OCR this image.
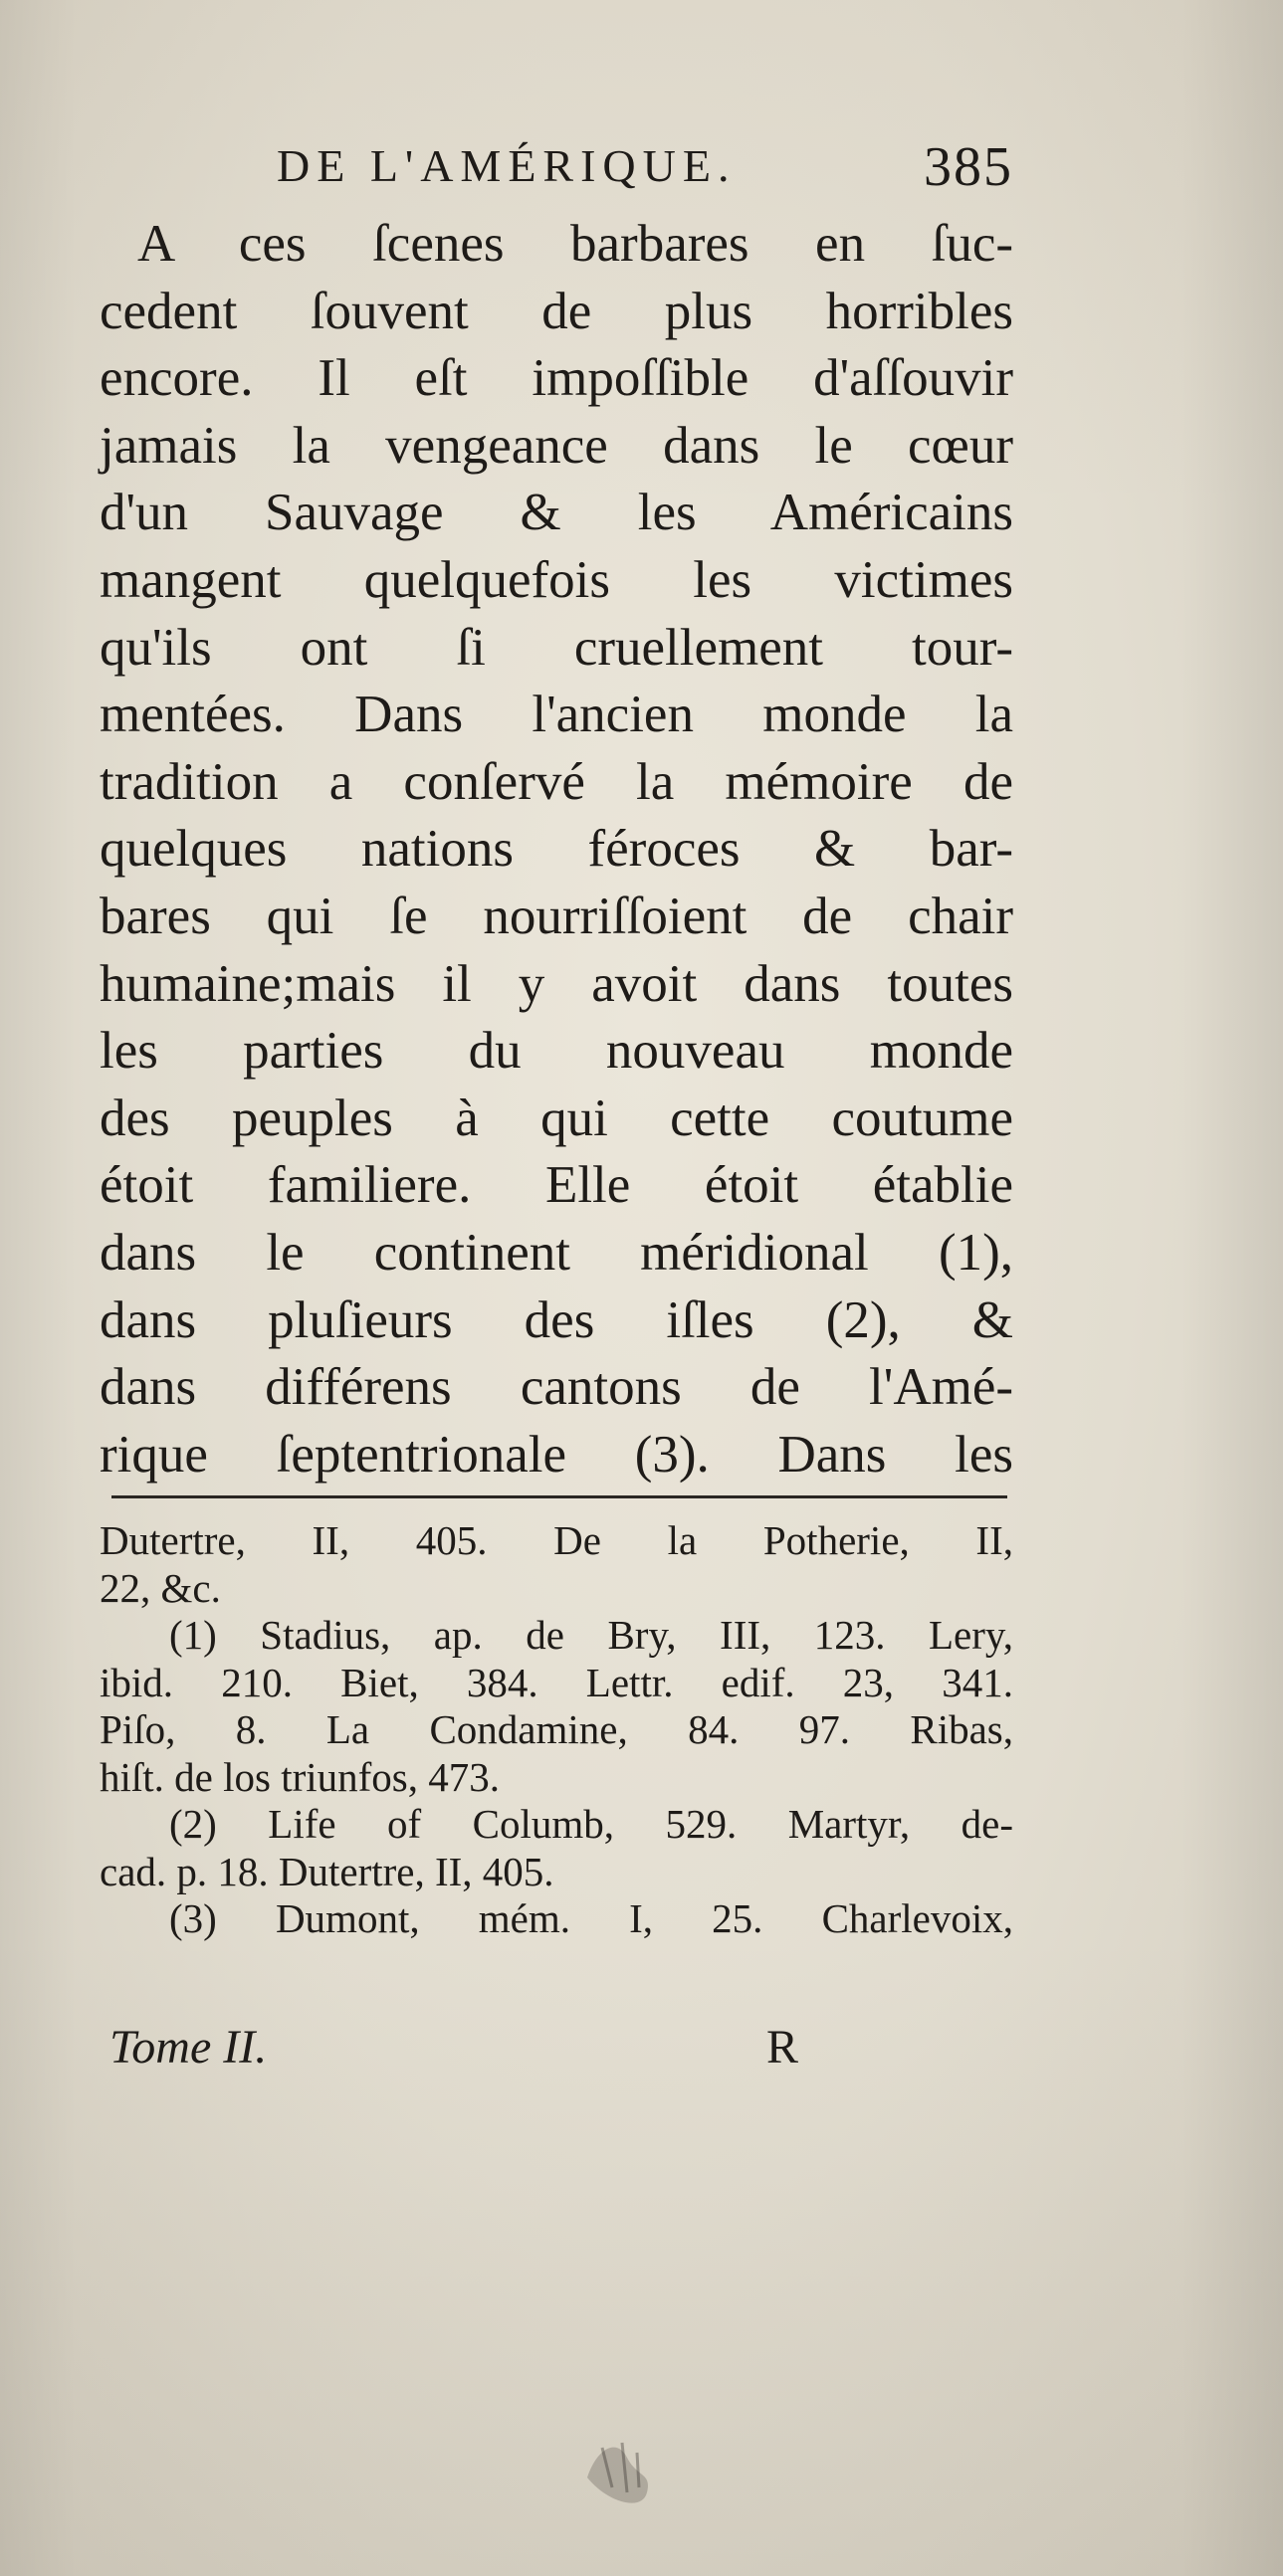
DE L'AMÉRIQUE.	385
A ces ſcenes barbares en ſuc-
cedent ſouvent de plus horribles
encore. Il eſt impoſſible d'aſſouvir
jamais la vengeance dans le cœur
d'un Sauvage & les Américains
mangent quelquefois les victimes
qu'ils ont ſi cruellement tour-
mentées. Dans l'ancien monde la
tradition a conſervé la mémoire de
quelques nations féroces & bar-
bares qui ſe nourriſſoient de chair
humaine;mais il y avoit dans toutes
les parties du nouveau monde
des peuples à qui cette coutume
étoit familiere. Elle étoit établie
dans le continent méridional (1),
dans pluſieurs des iſles (2), &
dans différens cantons de l'Amé-
rique ſeptentrionale (3). Dans les
Dutertre, II, 405. De la Potherie, II,
22, &c.
(1) Stadius, ap. de Bry, III, 123. Lery,
ibid. 210. Biet, 384. Lettr. edif. 23, 341.
Piſo, 8. La Condamine, 84. 97. Ribas,
hiſt. de los triunfos, 473.
(2) Life of Columb, 529. Martyr, de-
cad. p. 18. Dutertre, II, 405.
(3) Dumont, mém. I, 25. Charlevoix,
Tome II.	R
